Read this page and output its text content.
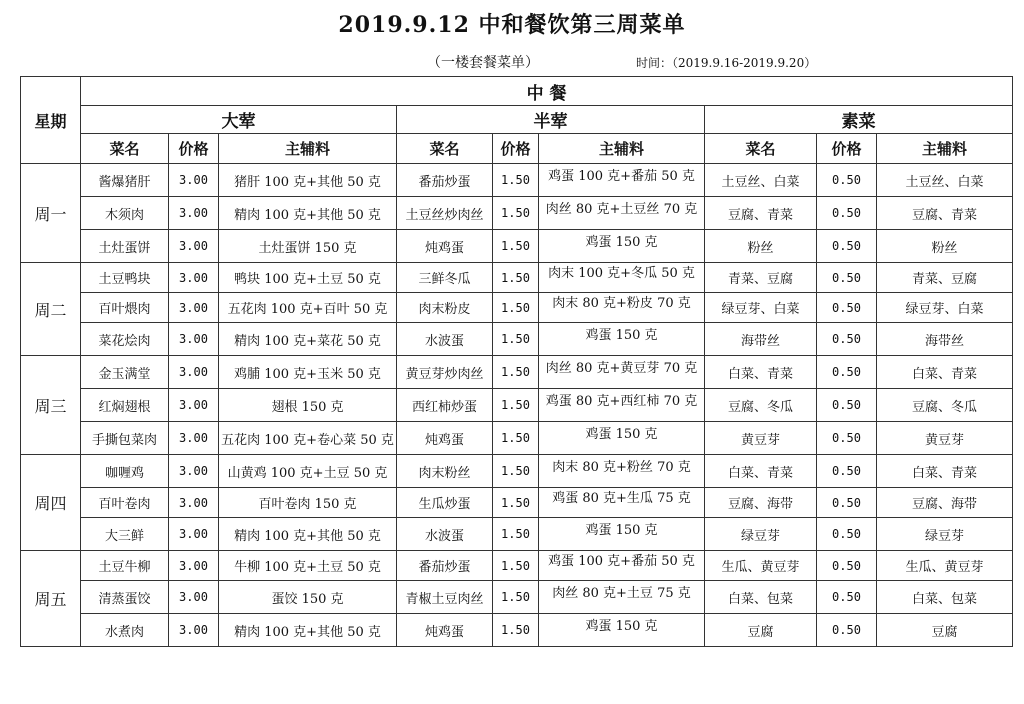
2019.9.12 中和餐饮第三周菜单
（一楼套餐菜单）	时间：（2019.9.16-2019.9.20）
星期	中 餐								
	大荤			半荤			素菜		
	菜名	价格	主辅料	菜名	价格	主辅料	菜名	价格	主辅料
周一	酱爆猪肝	3.00	猪肝 100 克+其他 50 克	番茄炒蛋	1.50	鸡蛋 100 克+番茄 50 克	土豆丝、白菜	0.50	土豆丝、白菜
	木须肉	3.00	精肉 100 克+其他 50 克	土豆丝炒肉丝	1.50	肉丝 80 克+土豆丝 70 克	豆腐、青菜	0.50	豆腐、青菜
	土灶蛋饼	3.00	土灶蛋饼 150 克	炖鸡蛋	1.50	鸡蛋 150 克	粉丝	0.50	粉丝
周二	土豆鸭块	3.00	鸭块 100 克+土豆 50 克	三鲜冬瓜	1.50	肉末 100 克+冬瓜 50 克	青菜、豆腐	0.50	青菜、豆腐
	百叶煨肉	3.00	五花肉 100 克+百叶 50 克	肉末粉皮	1.50	肉末 80 克+粉皮 70 克	绿豆芽、白菜	0.50	绿豆芽、白菜
	菜花烩肉	3.00	精肉 100 克+菜花 50 克	水波蛋	1.50	鸡蛋 150 克	海带丝	0.50	海带丝
周三	金玉满堂	3.00	鸡脯 100 克+玉米 50 克	黄豆芽炒肉丝	1.50	肉丝 80 克+黄豆芽 70 克	白菜、青菜	0.50	白菜、青菜
	红焖翅根	3.00	翅根 150 克	西红柿炒蛋	1.50	鸡蛋 80 克+西红柿 70 克	豆腐、冬瓜	0.50	豆腐、冬瓜
	手撕包菜肉	3.00	五花肉 100 克+卷心菜 50 克	炖鸡蛋	1.50	鸡蛋 150 克	黄豆芽	0.50	黄豆芽
周四	咖喱鸡	3.00	山黄鸡 100 克+土豆 50 克	肉末粉丝	1.50	肉末 80 克+粉丝 70 克	白菜、青菜	0.50	白菜、青菜
	百叶卷肉	3.00	百叶卷肉 150 克	生瓜炒蛋	1.50	鸡蛋 80 克+生瓜 75 克	豆腐、海带	0.50	豆腐、海带
	大三鲜	3.00	精肉 100 克+其他 50 克	水波蛋	1.50	鸡蛋 150 克	绿豆芽	0.50	绿豆芽
周五	土豆牛柳	3.00	牛柳 100 克+土豆 50 克	番茄炒蛋	1.50	鸡蛋 100 克+番茄 50 克	生瓜、黄豆芽	0.50	生瓜、黄豆芽
	清蒸蛋饺	3.00	蛋饺 150 克	青椒土豆肉丝	1.50	肉丝 80 克+土豆 75 克	白菜、包菜	0.50	白菜、包菜
	水煮肉	3.00	精肉 100 克+其他 50 克	炖鸡蛋	1.50	鸡蛋 150 克	豆腐	0.50	豆腐
